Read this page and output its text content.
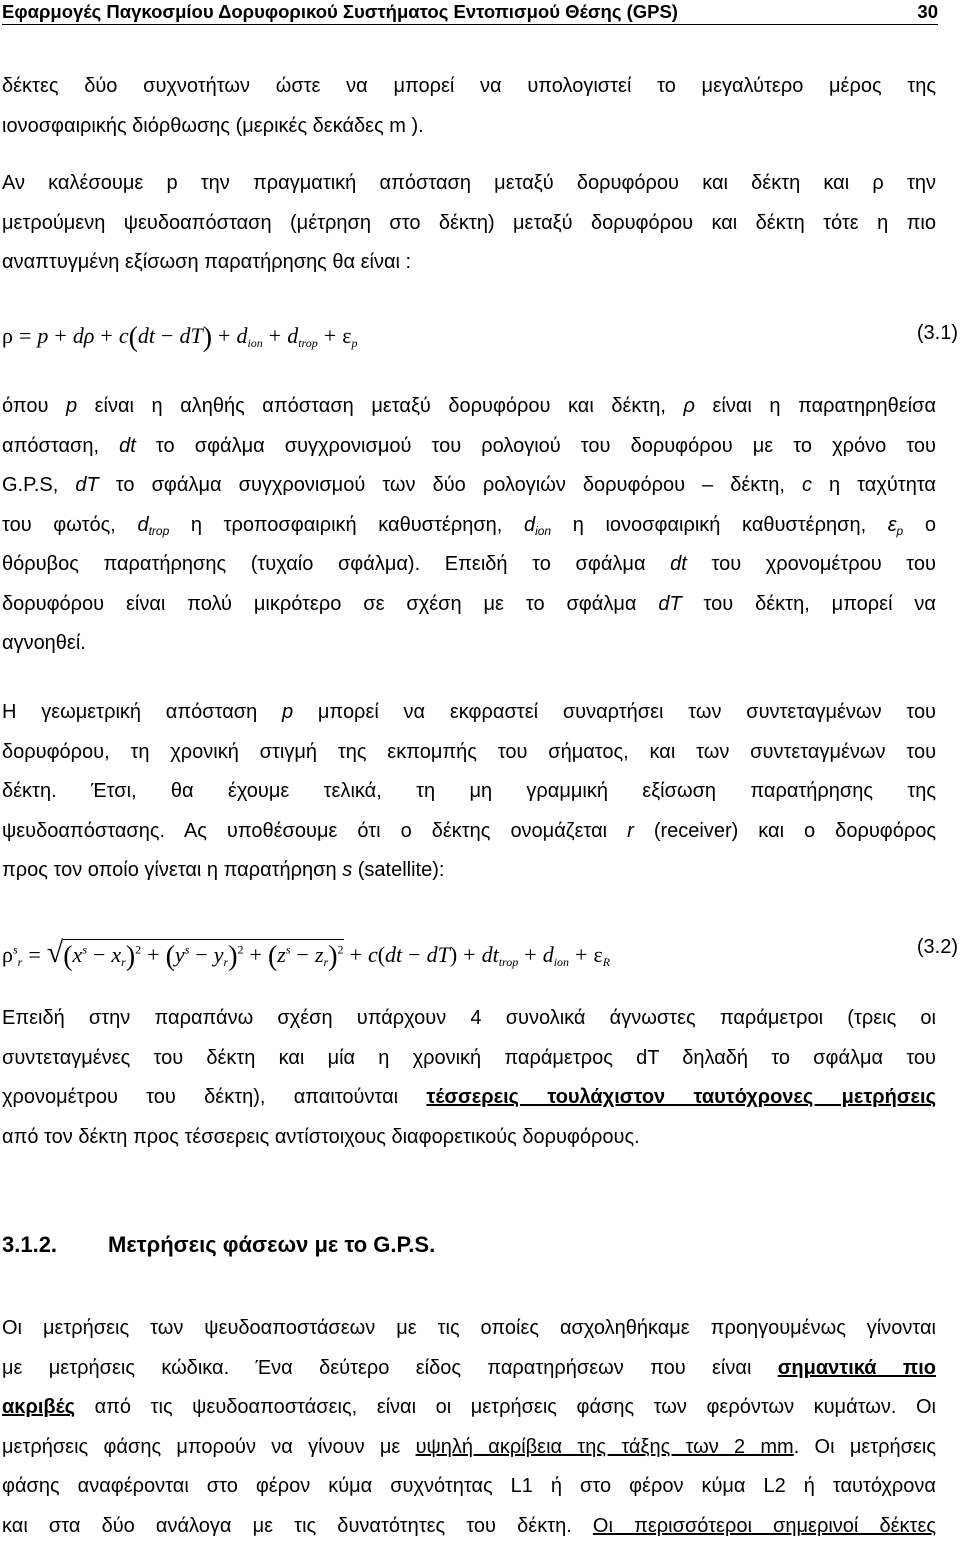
Εφαρμογές Παγκοσμίου Δορυφορικού Συστήματος Εντοπισμού Θέσης (GPS)	30
δέκτες δύο συχνοτήτων ώστε να μπορεί να υπολογιστεί το μεγαλύτερο μέρος της
ιονοσφαιρικής διόρθωσης (μερικές δεκάδες m ).
Αν καλέσουμε p την πραγματική απόσταση μεταξύ δορυφόρου και δέκτη και ρ την
μετρούμενη ψευδοαπόσταση (μέτρηση στο δέκτη) μεταξύ δορυφόρου και δέκτη τότε η πιο
αναπτυγμένη εξίσωση παρατήρησης θα είναι :
$\rho = p + d\rho + c(dt - dT) + d_{ion} + d_{trop} + \varepsilon_p$	(3.1)
όπου p είναι η αληθής απόσταση μεταξύ δορυφόρου και δέκτη, ρ είναι η παρατηρηθείσα
απόσταση, dt το σφάλμα συγχρονισμού του ρολογιού του δορυφόρου με το χρόνο του
G.P.S, dT το σφάλμα συγχρονισμού των δύο ρολογιών δορυφόρου – δέκτη, c η ταχύτητα
του φωτός, $d_{trop}$ η τροποσφαιρική καθυστέρηση, $d_{ion}$ η ιονοσφαιρική καθυστέρηση, $\varepsilon_p$ ο
θόρυβος παρατήρησης (τυχαίο σφάλμα). Επειδή το σφάλμα dt του χρονομέτρου του
δορυφόρου είναι πολύ μικρότερο σε σχέση με το σφάλμα dT του δέκτη, μπορεί να
αγνοηθεί.
Η γεωμετρική απόσταση p μπορεί να εκφραστεί συναρτήσει των συντεταγμένων του
δορυφόρου, τη χρονική στιγμή της εκπομπής του σήματος, και των συντεταγμένων του
δέκτη. Έτσι, θα έχουμε τελικά, τη μη γραμμική εξίσωση παρατήρησης της
ψευδοαπόστασης. Ας υποθέσουμε ότι ο δέκτης ονομάζεται r (receiver) και ο δορυφόρος
προς τον οποίο γίνεται η παρατήρηση s (satellite):
$\rho^s_r = √(x^s - x_r)^2 + (y^s - y_r)^2 + (z^s - z_r)^2 + c(dt - dT) + dt_{trop} + d_{ion} + \varepsilon_R$
(3.2)
Επειδή στην παραπάνω σχέση υπάρχουν 4 συνολικά άγνωστες παράμετροι (τρεις οι
συντεταγμένες του δέκτη και μία η χρονική παράμετρος dT δηλαδή το σφάλμα του
χρονομέτρου του δέκτη), απαιτούνται τέσσερεις τουλάχιστον ταυτόχρονες μετρήσεις
από τον δέκτη προς τέσσερεις αντίστοιχους διαφορετικούς δορυφόρους.
3.1.2. Μετρήσεις φάσεων με το G.P.S.
Οι μετρήσεις των ψευδοαποστάσεων με τις οποίες ασχοληθήκαμε προηγουμένως γίνονται
με μετρήσεις κώδικα. Ένα δεύτερο είδος παρατηρήσεων που είναι σημαντικά πιο
ακριβές από τις ψευδοαποστάσεις, είναι οι μετρήσεις φάσης των φερόντων κυμάτων. Οι
μετρήσεις φάσης μπορούν να γίνουν με υψηλή ακρίβεια της τάξης των 2 mm. Οι μετρήσεις
φάσης αναφέρονται στο φέρον κύμα συχνότητας L1 ή στο φέρον κύμα L2 ή ταυτόχρονα
και στα δύο ανάλογα με τις δυνατότητες του δέκτη. Οι περισσότεροι σημερινοί δέκτες
